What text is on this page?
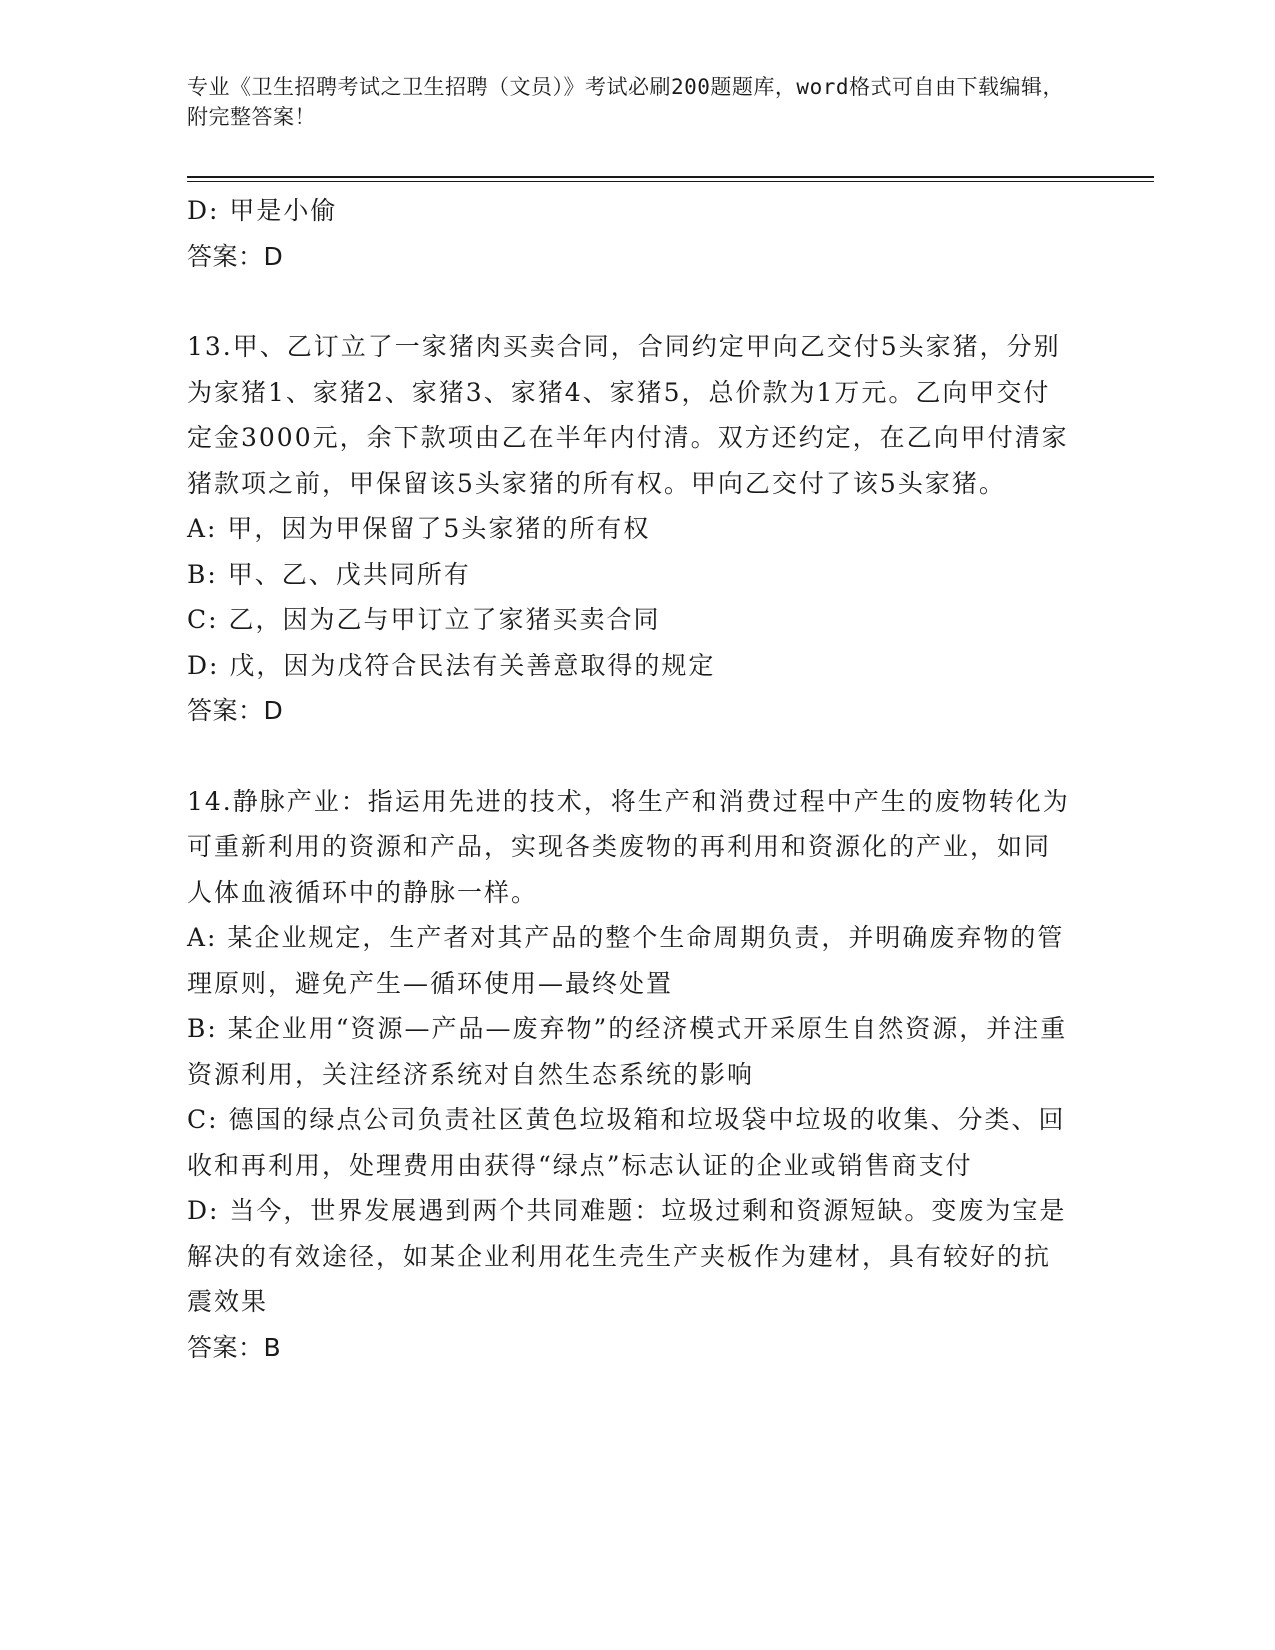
专业《卫生招聘考试之卫生招聘（文员）》考试必刷200题题库，word格式可自由下载编辑，附完整答案！

D: 甲是小偷

答案：D

13.甲、乙订立了一家猪肉买卖合同，合同约定甲向乙交付5头家猪，分别为家猪1、家猪2、家猪3、家猪4、家猪5，总价款为1万元。乙向甲交付定金3000元，余下款项由乙在半年内付清。双方还约定，在乙向甲付清家猪款项之前，甲保留该5头家猪的所有权。甲向乙交付了该5头家猪。

A: 甲，因为甲保留了5头家猪的所有权

B: 甲、乙、戊共同所有

C: 乙，因为乙与甲订立了家猪买卖合同

D: 戊，因为戊符合民法有关善意取得的规定

答案：D

14.静脉产业：指运用先进的技术，将生产和消费过程中产生的废物转化为可重新利用的资源和产品，实现各类废物的再利用和资源化的产业，如同人体血液循环中的静脉一样。

A: 某企业规定，生产者对其产品的整个生命周期负责，并明确废弃物的管理原则，避免产生—循环使用—最终处置

B: 某企业用“资源—产品—废弃物”的经济模式开采原生自然资源，并注重资源利用，关注经济系统对自然生态系统的影响

C: 德国的绿点公司负责社区黄色垃圾箱和垃圾袋中垃圾的收集、分类、回收和再利用，处理费用由获得“绿点”标志认证的企业或销售商支付

D: 当今，世界发展遇到两个共同难题：垃圾过剩和资源短缺。变废为宝是解决的有效途径，如某企业利用花生壳生产夹板作为建材，具有较好的抗震效果

答案：B
